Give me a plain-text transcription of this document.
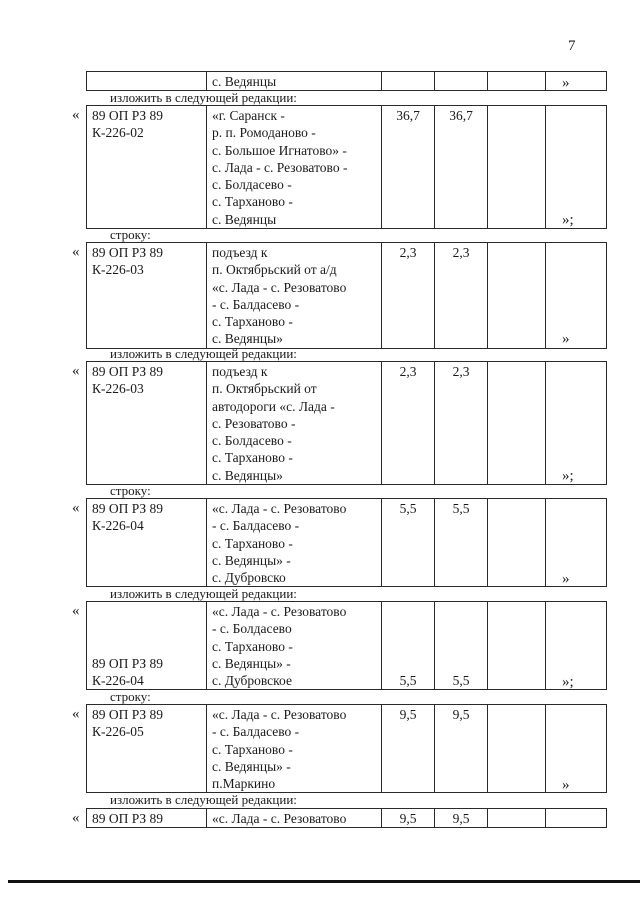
7
	с. Ведянцы					»
изложить в следующей редакции:
« 89 ОП РЗ 89
К-226-02	«г. Саранск -
р. п. Ромоданово -
с. Большое Игнатово» -
с. Лада - с. Резоватово -
с. Болдасево -
с. Тарханово -
с. Ведянцы	36,7	36,7		
»;
строку:
« 89 ОП РЗ 89
К-226-03	подъезд к
п. Октябрьский от а/д
«с. Лада - с. Резоватово
- с. Балдасево -
с. Тарханово -
с. Ведянцы»	2,3	2,3		
»
изложить в следующей редакции:
« 89 ОП РЗ 89
К-226-03	подъезд к
п. Октябрьский от
автодороги «с. Лада -
с. Резоватово -
с. Болдасево -
с. Тарханово -
с. Ведянцы»	2,3	2,3		
»;
строку:
« 89 ОП РЗ 89
К-226-04	«с. Лада - с. Резоватово
- с. Балдасево -
с. Тарханово -
с. Ведянцы» -
с. Дубровско	5,5	5,5		
»
изложить в следующей редакции:
«
89 ОП РЗ 89
К-226-04	«с. Лада - с. Резоватово
- с. Болдасево
с. Тарханово -
с. Ведянцы» -
с. Дубровское	5,5	5,5			»;
строку:
« 89 ОП РЗ 89
К-226-05	«с. Лада - с. Резоватово
- с. Балдасево -
с. Тарханово -
с. Ведянцы» -
п.Маркино	9,5	9,5		
»
изложить в следующей редакции:
« 89 ОП РЗ 89	«с. Лада - с. Резоватово	9,5	9,5		
